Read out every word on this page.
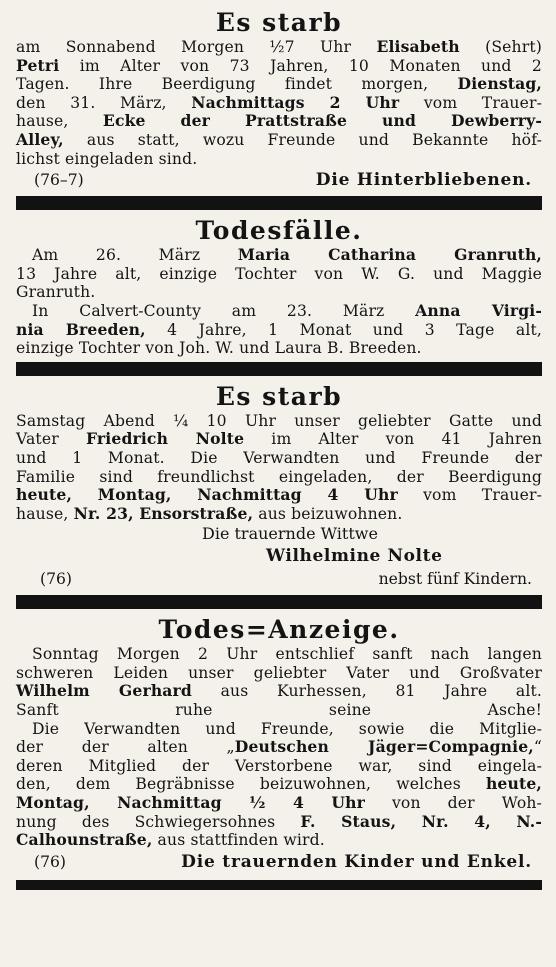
Es starb
am Sonnabend Morgen ½7 Uhr Elisabeth (Sehrt)
Petri im Alter von 73 Jahren, 10 Monaten und 2
Tagen. Ihre Beerdigung findet morgen, Dienstag,
den 31. März, Nachmittags 2 Uhr vom Trauer-
hause, Ecke der Prattstraße und Dewberry-
Alley, aus statt, wozu Freunde und Bekannte höf-
lichst eingeladen sind.
(76–7)	Die Hinterbliebenen.
Todesfälle.
Am 26. März Maria Catharina Granruth,
13 Jahre alt, einzige Tochter von W. G. und Maggie
Granruth.
In Calvert-County am 23. März Anna Virgi-
nia Breeden, 4 Jahre, 1 Monat und 3 Tage alt,
einzige Tochter von Joh. W. und Laura B. Breeden.
Es starb
Samstag Abend ¼ 10 Uhr unser geliebter Gatte und
Vater Friedrich Nolte im Alter von 41 Jahren
und 1 Monat. Die Verwandten und Freunde der
Familie sind freundlichst eingeladen, der Beerdigung
heute, Montag, Nachmittag 4 Uhr vom Trauer-
hause, Nr. 23, Ensorstraße, aus beizuwohnen.
Die trauernde Wittwe
Wilhelmine Nolte
(76)	nebst fünf Kindern.
Todes=Anzeige.
Sonntag Morgen 2 Uhr entschlief sanft nach langen
schweren Leiden unser geliebter Vater und Großvater
Wilhelm Gerhard aus Kurhessen, 81 Jahre alt.
Sanft ruhe seine Asche!
Die Verwandten und Freunde, sowie die Mitglie-
der der alten „Deutschen Jäger=Compagnie,“
deren Mitglied der Verstorbene war, sind eingela-
den, dem Begräbnisse beizuwohnen, welches heute,
Montag, Nachmittag ½ 4 Uhr von der Woh-
nung des Schwiegersohnes F. Staus, Nr. 4, N.-
Calhounstraße, aus stattfinden wird.
(76)	Die trauernden Kinder und Enkel.
